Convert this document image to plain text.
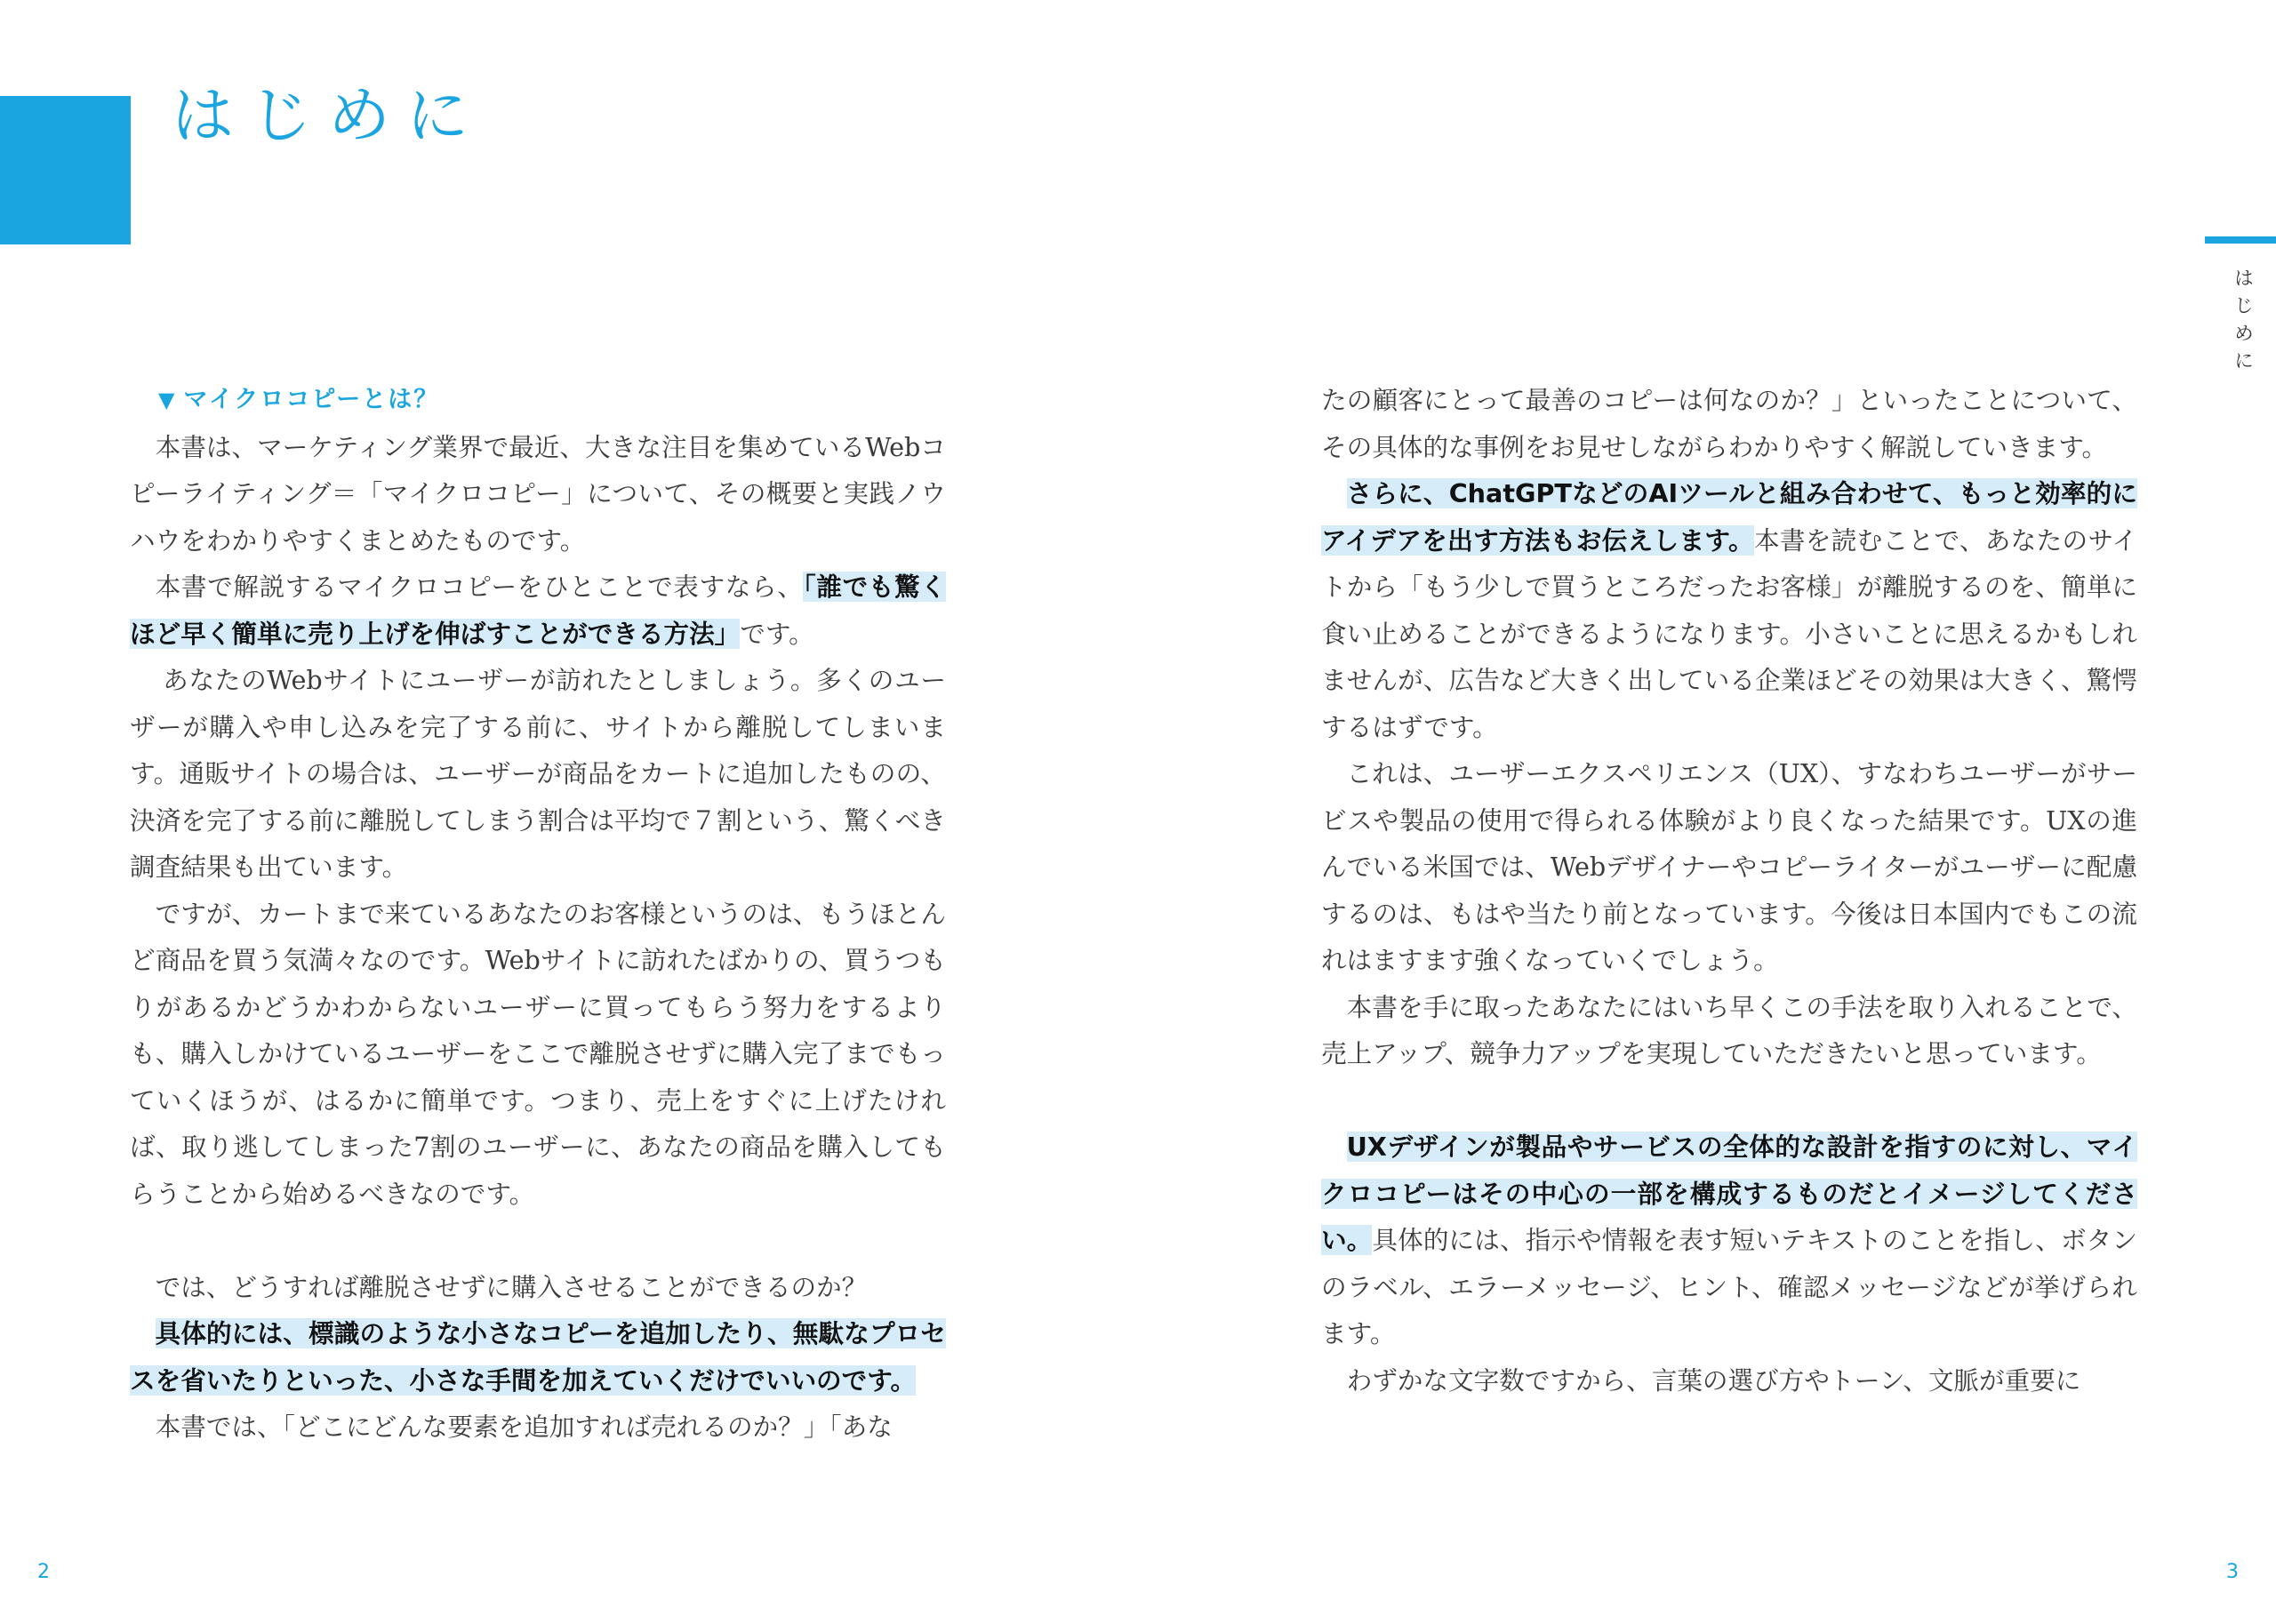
はじめに
は
じ
め
に
▼ マイクロコピーとは？

本書は、マーケティング業界で最近、大きな注目を集めているWebコピーライティング＝「マイクロコピー」について、その概要と実践ノウハウをわかりやすくまとめたものです。

本書で解説するマイクロコピーをひとことで表すなら、「誰でも驚くほど早く簡単に売り上げを伸ばすことができる方法」です。

あなたのWebサイトにユーザーが訪れたとしましょう。多くのユーザーが購入や申し込みを完了する前に、サイトから離脱してしまいます。通販サイトの場合は、ユーザーが商品をカートに追加したものの、決済を完了する前に離脱してしまう割合は平均で７割という、驚くべき調査結果も出ています。

ですが、カートまで来ているあなたのお客様というのは、もうほとんど商品を買う気満々なのです。Webサイトに訪れたばかりの、買うつもりがあるかどうかわからないユーザーに買ってもらう努力をするよりも、購入しかけているユーザーをここで離脱させずに購入完了までもっていくほうが、はるかに簡単です。つまり、売上をすぐに上げたければ、取り逃してしまった7割のユーザーに、あなたの商品を購入してもらうことから始めるべきなのです。

では、どうすれば離脱させずに購入させることができるのか？

具体的には、標識のような小さなコピーを追加したり、無駄なプロセスを省いたりといった、小さな手間を加えていくだけでいいのです。

本書では、「どこにどんな要素を追加すれば売れるのか？」「あな

たの顧客にとって最善のコピーは何なのか？」といったことについて、その具体的な事例をお見せしながらわかりやすく解説していきます。

さらに、ChatGPTなどのAIツールと組み合わせて、もっと効率的にアイデアを出す方法もお伝えします。本書を読むことで、あなたのサイトから「もう少しで買うところだったお客様」が離脱するのを、簡単に食い止めることができるようになります。小さいことに思えるかもしれませんが、広告など大きく出している企業ほどその効果は大きく、驚愕するはずです。

これは、ユーザーエクスペリエンス（UX）、すなわちユーザーがサービスや製品の使用で得られる体験がより良くなった結果です。UXの進んでいる米国では、Webデザイナーやコピーライターがユーザーに配慮するのは、もはや当たり前となっています。今後は日本国内でもこの流れはますます強くなっていくでしょう。

本書を手に取ったあなたにはいち早くこの手法を取り入れることで、売上アップ、競争力アップを実現していただきたいと思っています。

UXデザインが製品やサービスの全体的な設計を指すのに対し、マイクロコピーはその中心の一部を構成するものだとイメージしてください。具体的には、指示や情報を表す短いテキストのことを指し、ボタンのラベル、エラーメッセージ、ヒント、確認メッセージなどが挙げられます。

わずかな文字数ですから、言葉の選び方やトーン、文脈が重要に

2	3
